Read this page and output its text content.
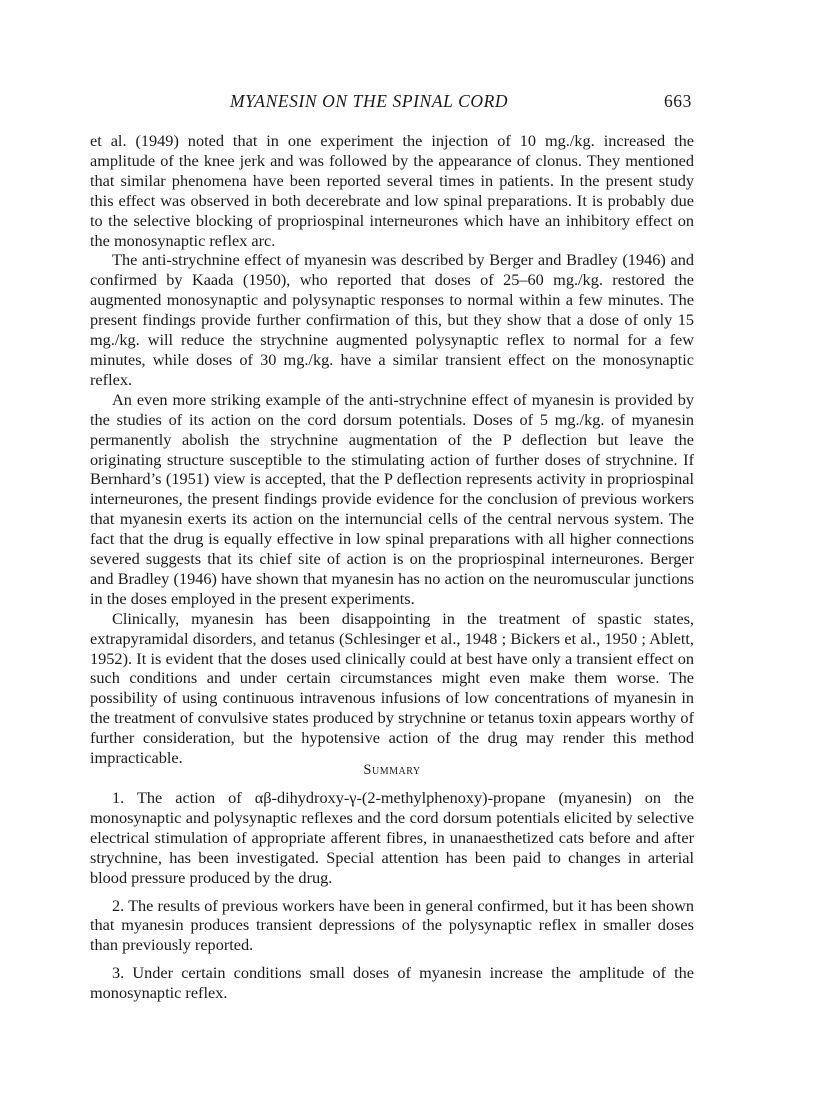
MYANESIN ON THE SPINAL CORD	663

et al. (1949) noted that in one experiment the injection of 10 mg./kg. increased the amplitude of the knee jerk and was followed by the appearance of clonus. They mentioned that similar phenomena have been reported several times in patients. In the present study this effect was observed in both decerebrate and low spinal preparations. It is probably due to the selective blocking of propriospinal interneurones which have an inhibitory effect on the monosynaptic reflex arc.

The anti-strychnine effect of myanesin was described by Berger and Bradley (1946) and confirmed by Kaada (1950), who reported that doses of 25–60 mg./kg. restored the augmented monosynaptic and polysynaptic responses to normal within a few minutes. The present findings provide further confirmation of this, but they show that a dose of only 15 mg./kg. will reduce the strychnine augmented polysynaptic reflex to normal for a few minutes, while doses of 30 mg./kg. have a similar transient effect on the monosynaptic reflex.

An even more striking example of the anti-strychnine effect of myanesin is provided by the studies of its action on the cord dorsum potentials. Doses of 5 mg./kg. of myanesin permanently abolish the strychnine augmentation of the P deflection but leave the originating structure susceptible to the stimulating action of further doses of strychnine. If Bernhard’s (1951) view is accepted, that the P deflection represents activity in propriospinal interneurones, the present findings provide evidence for the conclusion of previous workers that myanesin exerts its action on the internuncial cells of the central nervous system. The fact that the drug is equally effective in low spinal preparations with all higher connections severed suggests that its chief site of action is on the propriospinal interneurones. Berger and Bradley (1946) have shown that myanesin has no action on the neuromuscular junctions in the doses employed in the present experiments.

Clinically, myanesin has been disappointing in the treatment of spastic states, extrapyramidal disorders, and tetanus (Schlesinger et al., 1948 ; Bickers et al., 1950 ; Ablett, 1952). It is evident that the doses used clinically could at best have only a transient effect on such conditions and under certain circumstances might even make them worse. The possibility of using continuous intravenous infusions of low concentrations of myanesin in the treatment of convulsive states produced by strychnine or tetanus toxin appears worthy of further consideration, but the hypotensive action of the drug may render this method impracticable.

Summary

1. The action of αβ-dihydroxy-γ-(2-methylphenoxy)-propane (myanesin) on the monosynaptic and polysynaptic reflexes and the cord dorsum potentials elicited by selective electrical stimulation of appropriate afferent fibres, in unanaesthetized cats before and after strychnine, has been investigated. Special attention has been paid to changes in arterial blood pressure produced by the drug.

2. The results of previous workers have been in general confirmed, but it has been shown that myanesin produces transient depressions of the polysynaptic reflex in smaller doses than previously reported.

3. Under certain conditions small doses of myanesin increase the amplitude of the monosynaptic reflex.
